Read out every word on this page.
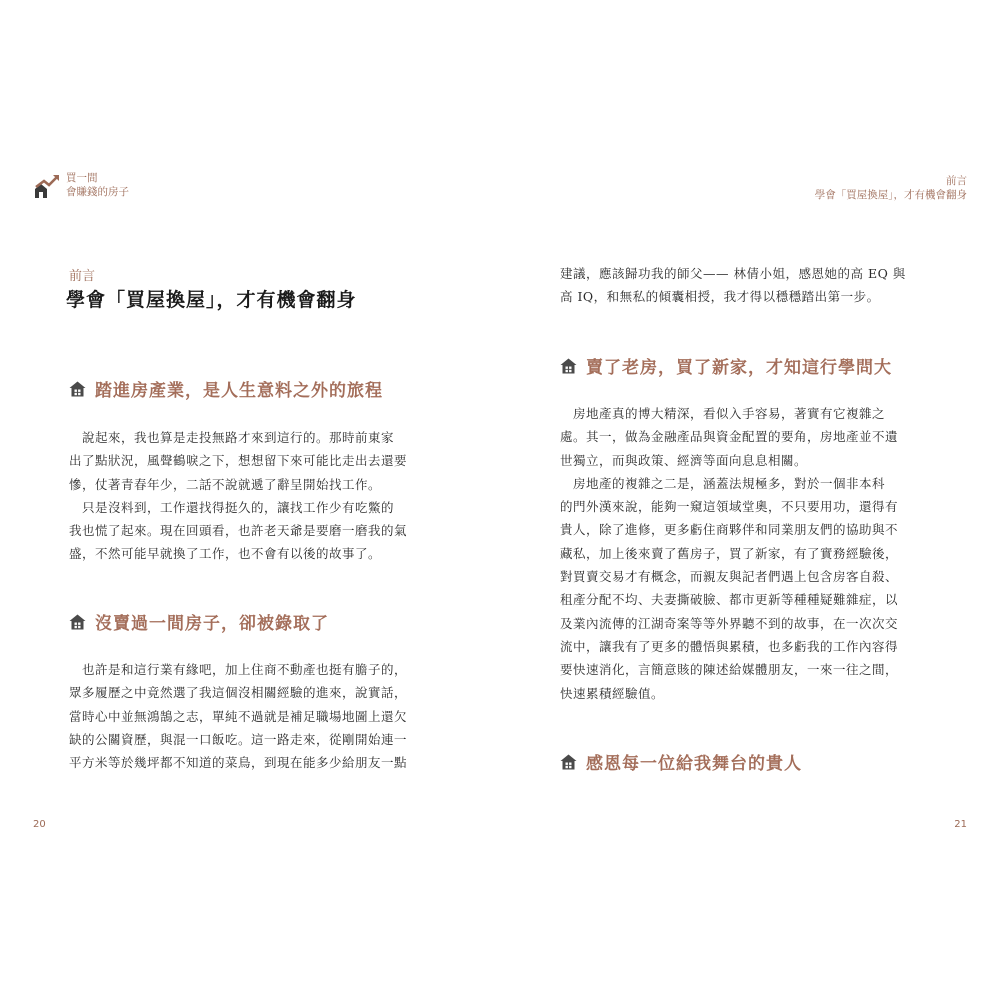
買一間
會賺錢的房子
前言
學會「買屋換屋」，才有機會翻身
踏進房產業，是人生意料之外的旅程

　說起來，我也算是走投無路才來到這行的。那時前東家
出了點狀況，風聲鶴唳之下，想想留下來可能比走出去還要
慘，仗著青春年少，二話不說就遞了辭呈開始找工作。

　只是沒料到，工作還找得挺久的，讓找工作少有吃鱉的
我也慌了起來。現在回頭看，也許老天爺是要磨一磨我的氣
盛，不然可能早就換了工作，也不會有以後的故事了。

沒賣過一間房子，卻被錄取了

　也許是和這行業有緣吧，加上住商不動產也挺有膽子的，
眾多履歷之中竟然選了我這個沒相關經驗的進來，說實話，
當時心中並無鴻鵠之志，單純不過就是補足職場地圖上還欠
缺的公關資歷，與混一口飯吃。這一路走來，從剛開始連一
平方米等於幾坪都不知道的菜鳥，到現在能多少給朋友一點

20
前言
學會「買屋換屋」，才有機會翻身

建議，應該歸功我的師父—— 林倩小姐，感恩她的高 EQ 與
高 IQ，和無私的傾囊相授，我才得以穩穩踏出第一步。

賣了老房，買了新家，才知這行學問大

　房地產真的博大精深，看似入手容易，著實有它複雜之
處。其一，做為金融產品與資金配置的要角，房地產並不遺
世獨立，而與政策、經濟等面向息息相關。

　房地產的複雜之二是，涵蓋法規極多，對於一個非本科
的門外漢來說，能夠一窺這領域堂奧，不只要用功，還得有
貴人，除了進修，更多虧住商夥伴和同業朋友們的協助與不
藏私，加上後來賣了舊房子，買了新家，有了實務經驗後，
對買賣交易才有概念，而親友與記者們遇上包含房客自殺、
租產分配不均、夫妻撕破臉、都市更新等種種疑難雜症，以
及業內流傳的江湖奇案等等外界聽不到的故事，在一次次交
流中，讓我有了更多的體悟與累積，也多虧我的工作內容得
要快速消化，言簡意賅的陳述給媒體朋友，一來一往之間，
快速累積經驗值。

感恩每一位給我舞台的貴人
21
